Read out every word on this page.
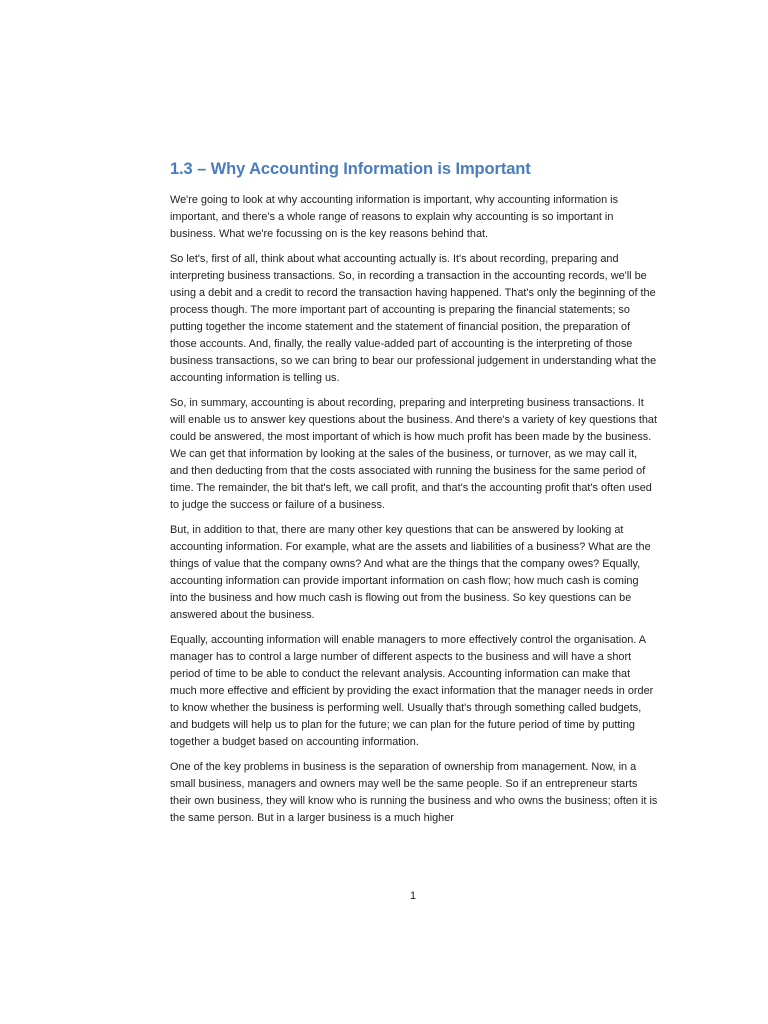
1.3 – Why Accounting Information is Important

We're going to look at why accounting information is important, why accounting information is important, and there's a whole range of reasons to explain why accounting is so important in business. What we're focussing on is the key reasons behind that.

So let's, first of all, think about what accounting actually is. It's about recording, preparing and interpreting business transactions. So, in recording a transaction in the accounting records, we'll be using a debit and a credit to record the transaction having happened. That's only the beginning of the process though. The more important part of accounting is preparing the financial statements; so putting together the income statement and the statement of financial position, the preparation of those accounts. And, finally, the really value-added part of accounting is the interpreting of those business transactions, so we can bring to bear our professional judgement in understanding what the accounting information is telling us.

So, in summary, accounting is about recording, preparing and interpreting business transactions. It will enable us to answer key questions about the business. And there's a variety of key questions that could be answered, the most important of which is how much profit has been made by the business. We can get that information by looking at the sales of the business, or turnover, as we may call it, and then deducting from that the costs associated with running the business for the same period of time. The remainder, the bit that's left, we call profit, and that's the accounting profit that's often used to judge the success or failure of a business.

But, in addition to that, there are many other key questions that can be answered by looking at accounting information. For example, what are the assets and liabilities of a business? What are the things of value that the company owns? And what are the things that the company owes? Equally, accounting information can provide important information on cash flow; how much cash is coming into the business and how much cash is flowing out from the business. So key questions can be answered about the business.

Equally, accounting information will enable managers to more effectively control the organisation. A manager has to control a large number of different aspects to the business and will have a short period of time to be able to conduct the relevant analysis. Accounting information can make that much more effective and efficient by providing the exact information that the manager needs in order to know whether the business is performing well. Usually that's through something called budgets, and budgets will help us to plan for the future; we can plan for the future period of time by putting together a budget based on accounting information.

One of the key problems in business is the separation of ownership from management. Now, in a small business, managers and owners may well be the same people. So if an entrepreneur starts their own business, they will know who is running the business and who owns the business; often it is the same person. But in a larger business is a much higher

1
